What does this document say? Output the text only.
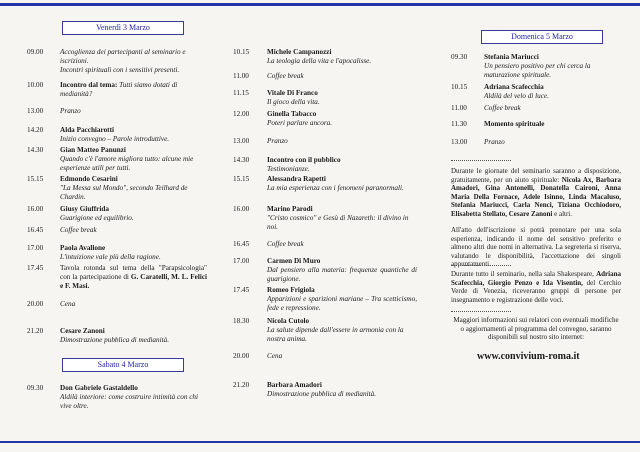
Venerdì 3 Marzo
09.00	Accoglienza dei partecipanti al seminario e iscrizioni.
Incontri spirituali con i sensitivi presenti.
10.00	Incontro dal tema: Tutti siamo dotati di medianità?
13.00	Pranzo
14.20	Alda Pacchiarotti
Inizio convegno – Parole introduttive.
14.30	Gian Matteo Panunzi
Quando c'è l'amore migliora tutto: alcune mie esperienze utili per tutti.
15.15	Edmondo Cesarini
"La Messa sul Mondo", secondo Teilhard de Chardin.
16.00	Giusy Giuffrida
Guarigione ed equilibrio.
16.45	Coffee break
17.00	Paola Avallone
L'intuizione vale più della ragione.
17.45	Tavola rotonda sul tema della "Parapsicologia" con la partecipazione di G. Caratelli, M. L. Felici e F. Masi.
20.00	Cena
21.20	Cesare Zanoni
Dimostrazione pubblica di medianità.
Sabato 4 Marzo
09.30	Don Gabriele Gastaldello
Aldilà interiore: come costruire intimità con chi vive oltre.
10.15	Michele Campanozzi
La teologia della vita e l'apocalisse.
11.00	Coffee break
11.15	Vitale Di Franco
Il gioco della vita.
12.00	Ginella Tabacco
Poteri parlare ancora.
13.00	Pranzo
14.30	Incontro con il pubblico
Testimonianze.
15.15	Alessandra Rapetti
La mia esperienza con i fenomeni paranormali.
16.00	Marino Parodi
"Cristo cosmico" e Gesù di Nazareth: il divino in noi.
16.45	Coffee break
17.00	Carmen Di Muro
Dal pensiero alla materia: frequenze quantiche di guarigione.
17.45	Romeo Frigiola
Apparizioni e sparizioni mariane – Tra scetticismo, fede e repressione.
18.30	Nicola Cutolo
La salute dipende dall'essere in armonia con la nostra anima.
20.00	Cena
21.20	Barbara Amadori
Dimostrazione pubblica di medianità.
Domenica 5 Marzo
09.30	Stefania Mariucci
Un pensiero positivo per chi cerca la maturazione spirituale.
10.15	Adriana Scafecchia
Aldilà del velo di luce.
11.00	Coffee break
11.30	Momento spirituale
13.00	Pranzo
Durante le giornate del seminario saranno a disposizione, gratuitamente, per un aiuto spirituale: Nicola Ax, Barbara Amadori, Gina Antonelli, Donatella Caironi, Anna Maria Della Fornace, Adele Isinno, Linda Macaluso, Stefania Mariucci, Carla Nenci, Tiziana Occhiodoro, Elisabetta Stellato, Cesare Zanoni e altri.
All'atto dell'iscrizione si potrà prenotare per una sola esperienza, indicando il nome del sensitivo preferito e almeno altri due nomi in alternativa. La segreteria si riserva, valutando le disponibilità, l'accettazione dei singoli appuntamenti.
Durante tutto il seminario, nella sala Shakespeare, Adriana Scafecchia, Giorgio Penzo e Ida Visentin, del Cerchio Verde di Venezia, riceveranno gruppi di persone per insegnamento e registrazione delle voci.
Maggiori informazioni sui relatori con eventuali modifiche o aggiornamenti al programma del convegno, saranno disponibili sul nostro sito internet:
www.convivium-roma.it
